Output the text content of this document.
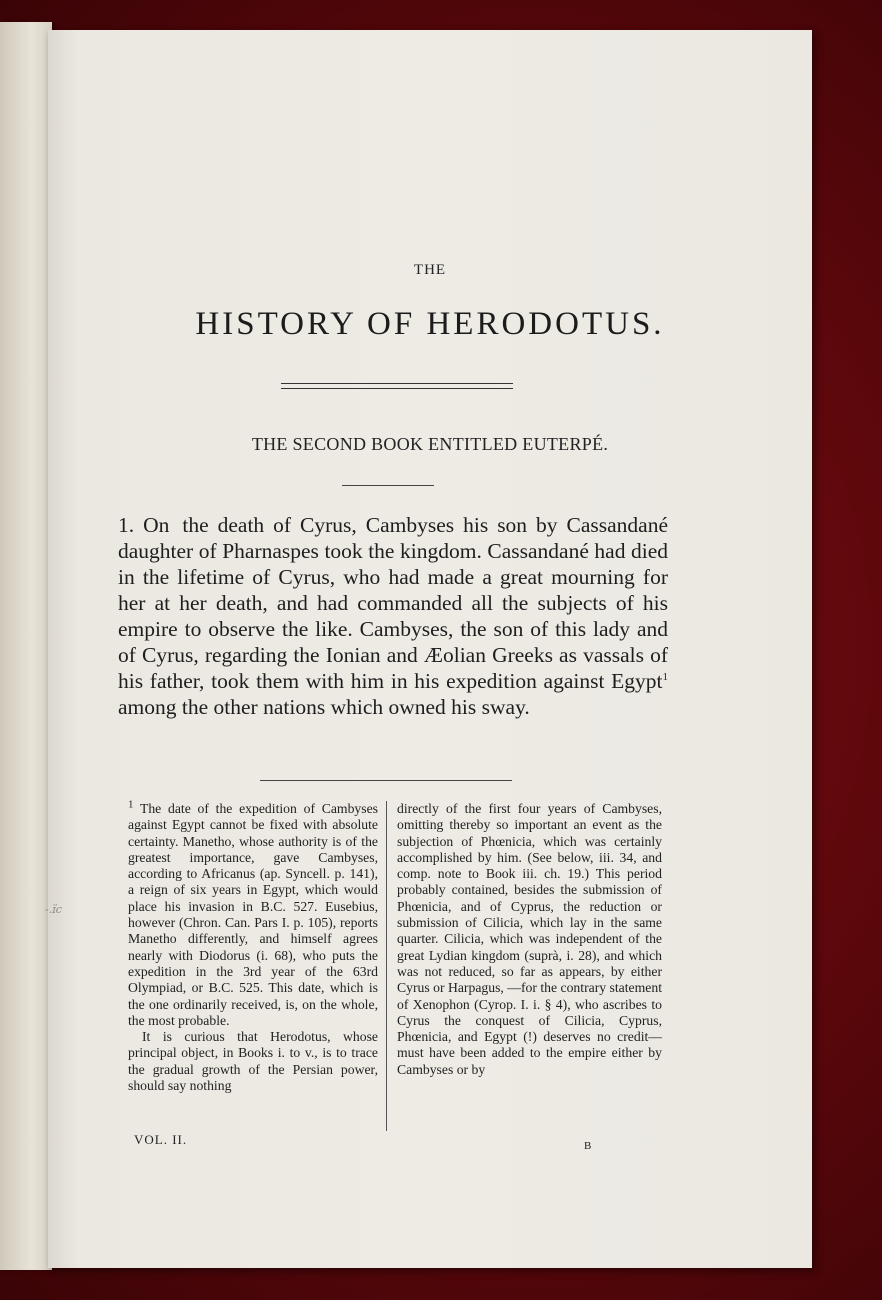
THE
HISTORY OF HERODOTUS.
THE SECOND BOOK ENTITLED EUTERPÉ.
1. On the death of Cyrus, Cambyses his son by Cassandané daughter of Pharnaspes took the kingdom. Cassandané had died in the lifetime of Cyrus, who had made a great mourning for her at her death, and had commanded all the subjects of his empire to observe the like. Cambyses, the son of this lady and of Cyrus, regarding the Ionian and Æolian Greeks as vassals of his father, took them with him in his expedition against Egypt$^1$ among the other nations which owned his sway.

$^1$ The date of the expedition of Cambyses against Egypt cannot be fixed with absolute certainty. Manetho, whose authority is of the greatest importance, gave Cambyses, according to Africanus (ap. Syncell. p. 141), a reign of six years in Egypt, which would place his invasion in B.C. 527. Eusebius, however (Chron. Can. Pars I. p. 105), reports Manetho differently, and himself agrees nearly with Diodorus (i. 68), who puts the expedition in the 3rd year of the 63rd Olympiad, or B.C. 525. This date, which is the one ordinarily received, is, on the whole, the most probable.

It is curious that Herodotus, whose principal object, in Books i. to v., is to trace the gradual growth of the Persian power, should say nothing

directly of the first four years of Cambyses, omitting thereby so important an event as the subjection of Phœnicia, which was certainly accomplished by him. (See below, iii. 34, and comp. note to Book iii. ch. 19.) This period probably contained, besides the submission of Phœnicia, and of Cyprus, the reduction or submission of Cilicia, which lay in the same quarter. Cilicia, which was independent of the great Lydian kingdom (suprà, i. 28), and which was not reduced, so far as appears, by either Cyrus or Harpagus, —for the contrary statement of Xenophon (Cyrop. I. i. § 4), who ascribes to Cyrus the conquest of Cilicia, Cyprus, Phœnicia, and Egypt (!) deserves no credit—must have been added to the empire either by Cambyses or by

VOL. II.	B
-.ɪ̈c
